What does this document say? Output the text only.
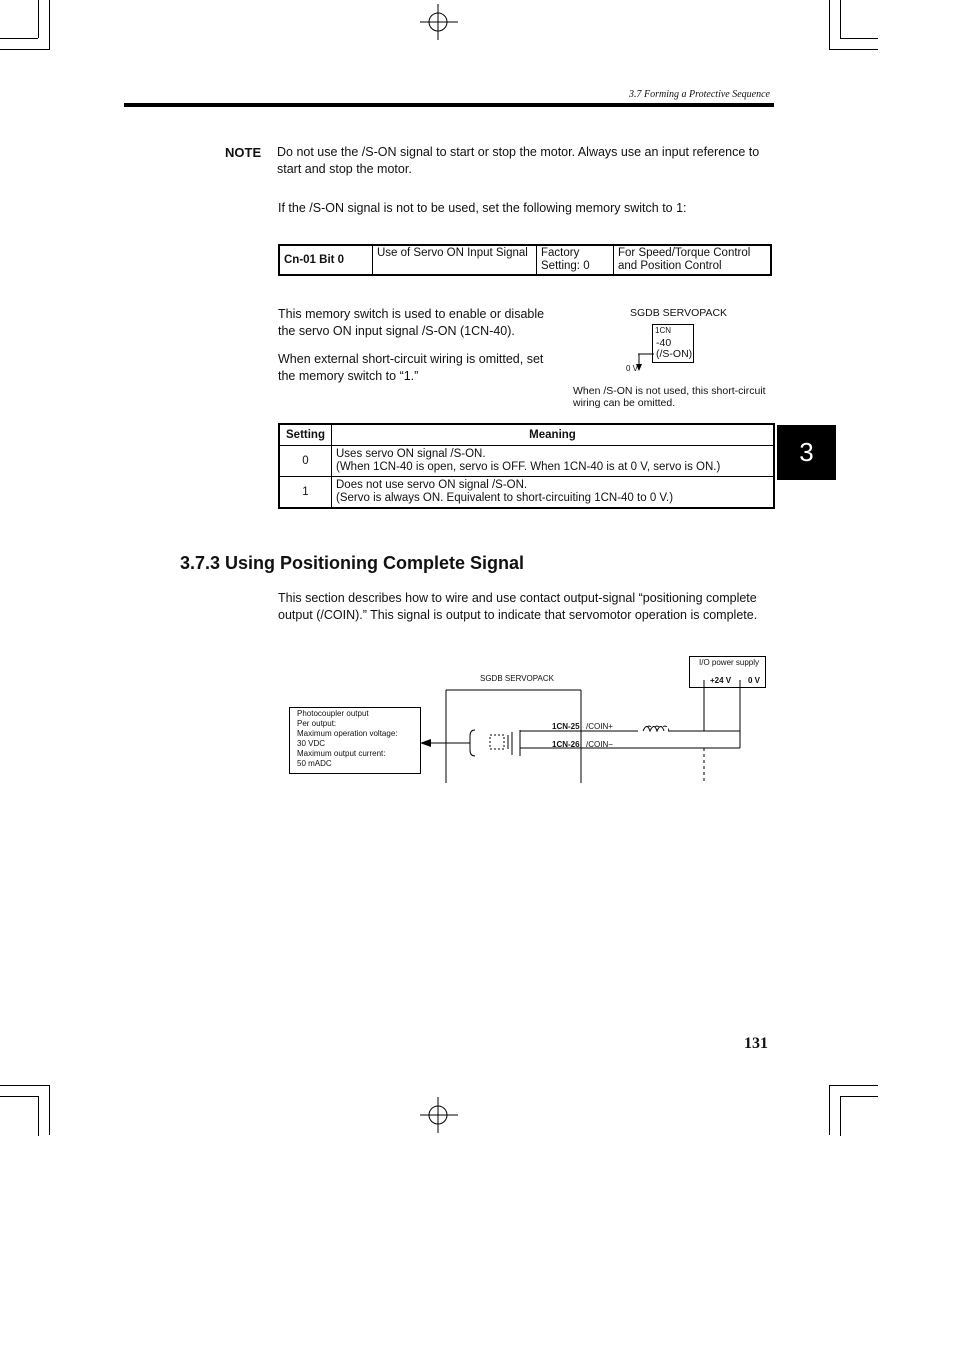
3.7 Forming a Protective Sequence
NOTE Do not use the /S-ON signal to start or stop the motor. Always use an input reference to start and stop the motor.
If the /S-ON signal is not to be used, set the following memory switch to 1:
Cn-01 Bit 0	Use of Servo ON Input Signal	Factory Setting: 0	For Speed/Torque Control and Position Control
This memory switch is used to enable or disable the servo ON input signal /S-ON (1CN-40).
When external short-circuit wiring is omitted, set the memory switch to “1.”
SGDB SERVOPACK
1CN
-40
(/S-ON)
0 V
When /S-ON is not used, this short-circuit wiring can be omitted.
Setting	Meaning
0	Uses servo ON signal /S-ON.
(When 1CN-40 is open, servo is OFF. When 1CN-40 is at 0 V, servo is ON.)

1	Does not use servo ON signal /S-ON.
(Servo is always ON. Equivalent to short-circuiting 1CN-40 to 0 V.)
3
3.7.3 Using Positioning Complete Signal
This section describes how to wire and use contact output-signal “positioning complete output (/COIN).” This signal is output to indicate that servomotor operation is complete.
SGDB SERVOPACK
I/O power supply
+24 V 0 V
Photocoupler output
Per output:
Maximum operation voltage:
30 VDC
Maximum output current:
50 mADC
1CN-25 /COIN+
1CN-26 /COIN−
131
